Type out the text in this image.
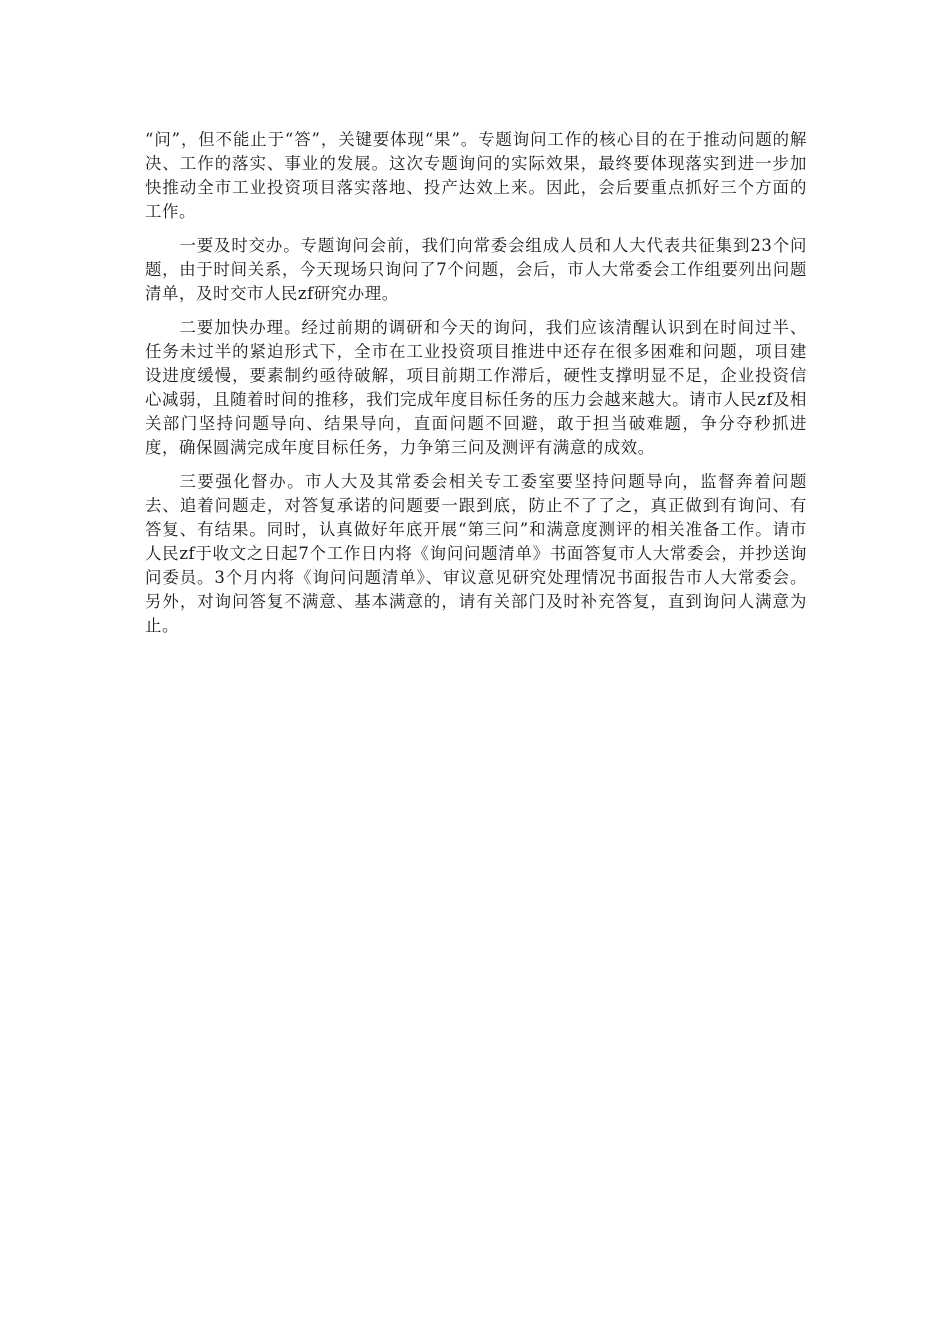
“问”，但不能止于“答”，关键要体现“果”。专题询问工作的核心目的在于推动问题的解决、工作的落实、事业的发展。这次专题询问的实际效果，最终要体现落实到进一步加快推动全市工业投资项目落实落地、投产达效上来。因此，会后要重点抓好三个方面的工作。

一要及时交办。专题询问会前，我们向常委会组成人员和人大代表共征集到23个问题，由于时间关系，今天现场只询问了7个问题，会后，市人大常委会工作组要列出问题清单，及时交市人民zf研究办理。

二要加快办理。经过前期的调研和今天的询问，我们应该清醒认识到在时间过半、任务未过半的紧迫形式下，全市在工业投资项目推进中还存在很多困难和问题，项目建设进度缓慢，要素制约亟待破解，项目前期工作滞后，硬性支撑明显不足，企业投资信心减弱，且随着时间的推移，我们完成年度目标任务的压力会越来越大。请市人民zf及相关部门坚持问题导向、结果导向，直面问题不回避，敢于担当破难题，争分夺秒抓进度，确保圆满完成年度目标任务，力争第三问及测评有满意的成效。

三要强化督办。市人大及其常委会相关专工委室要坚持问题导向，监督奔着问题去、追着问题走，对答复承诺的问题要一跟到底，防止不了了之，真正做到有询问、有答复、有结果。同时，认真做好年底开展“第三问”和满意度测评的相关准备工作。请市人民zf于收文之日起7个工作日内将《询问问题清单》书面答复市人大常委会，并抄送询问委员。3个月内将《询问问题清单》、审议意见研究处理情况书面报告市人大常委会。另外，对询问答复不满意、基本满意的，请有关部门及时补充答复，直到询问人满意为止。
